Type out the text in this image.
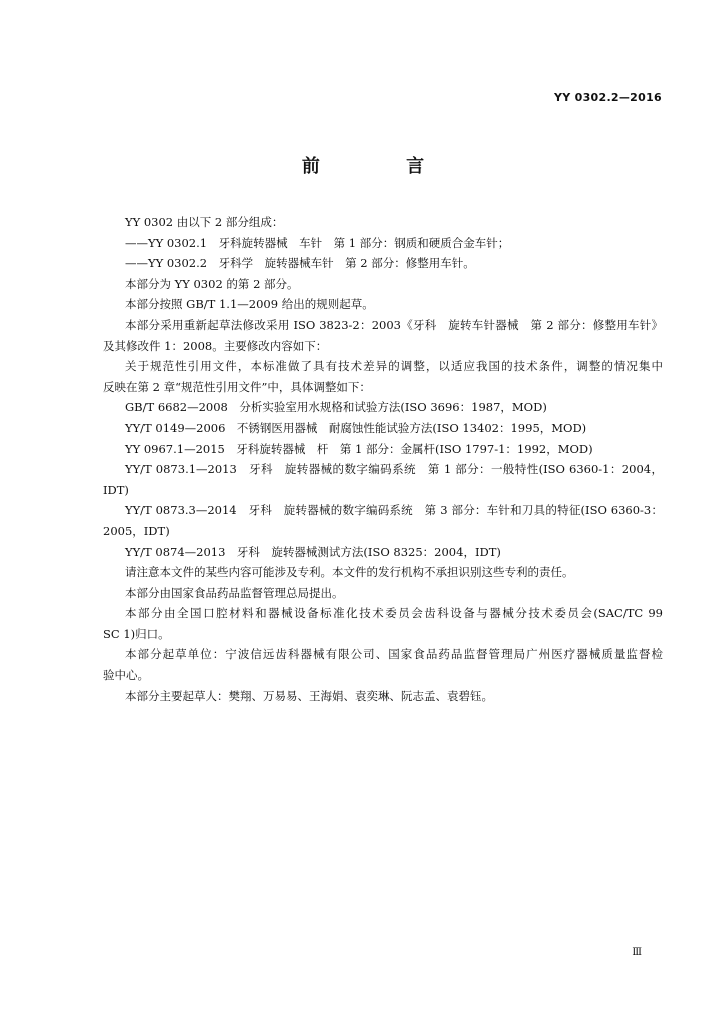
YY 0302.2—2016
前 言
YY 0302 由以下 2 部分组成：
——YY 0302.1　牙科旋转器械　车针　第 1 部分：钢质和硬质合金车针；
——YY 0302.2　牙科学　旋转器械车针　第 2 部分：修整用车针。
本部分为 YY 0302 的第 2 部分。
本部分按照 GB/T 1.1—2009 给出的规则起草。
本部分采用重新起草法修改采用 ISO 3823-2：2003《牙科　旋转车针器械　第 2 部分：修整用车针》
及其修改件 1：2008。主要修改内容如下：
关于规范性引用文件，本标准做了具有技术差异的调整，以适应我国的技术条件，调整的情况集中
反映在第 2 章“规范性引用文件”中，具体调整如下：
GB/T 6682—2008　分析实验室用水规格和试验方法(ISO 3696：1987，MOD)
YY/T 0149—2006　不锈钢医用器械　耐腐蚀性能试验方法(ISO 13402：1995，MOD)
YY 0967.1—2015　牙科旋转器械　杆　第 1 部分：金属杆(ISO 1797-1：1992，MOD)
YY/T 0873.1—2013　牙科　旋转器械的数字编码系统　第 1 部分：一般特性(ISO 6360-1：2004，
IDT)
YY/T 0873.3—2014　牙科　旋转器械的数字编码系统　第 3 部分：车针和刀具的特征(ISO 6360-3：
2005，IDT)
YY/T 0874—2013　牙科　旋转器械测试方法(ISO 8325：2004，IDT)
请注意本文件的某些内容可能涉及专利。本文件的发行机构不承担识别这些专利的责任。
本部分由国家食品药品监督管理总局提出。
本部分由全国口腔材料和器械设备标准化技术委员会齿科设备与器械分技术委员会(SAC/TC 99
SC 1)归口。
本部分起草单位：宁波信远齿科器械有限公司、国家食品药品监督管理局广州医疗器械质量监督检
验中心。
本部分主要起草人：樊翔、万易易、王海娟、袁奕琳、阮志孟、袁碧钰。
Ⅲ
